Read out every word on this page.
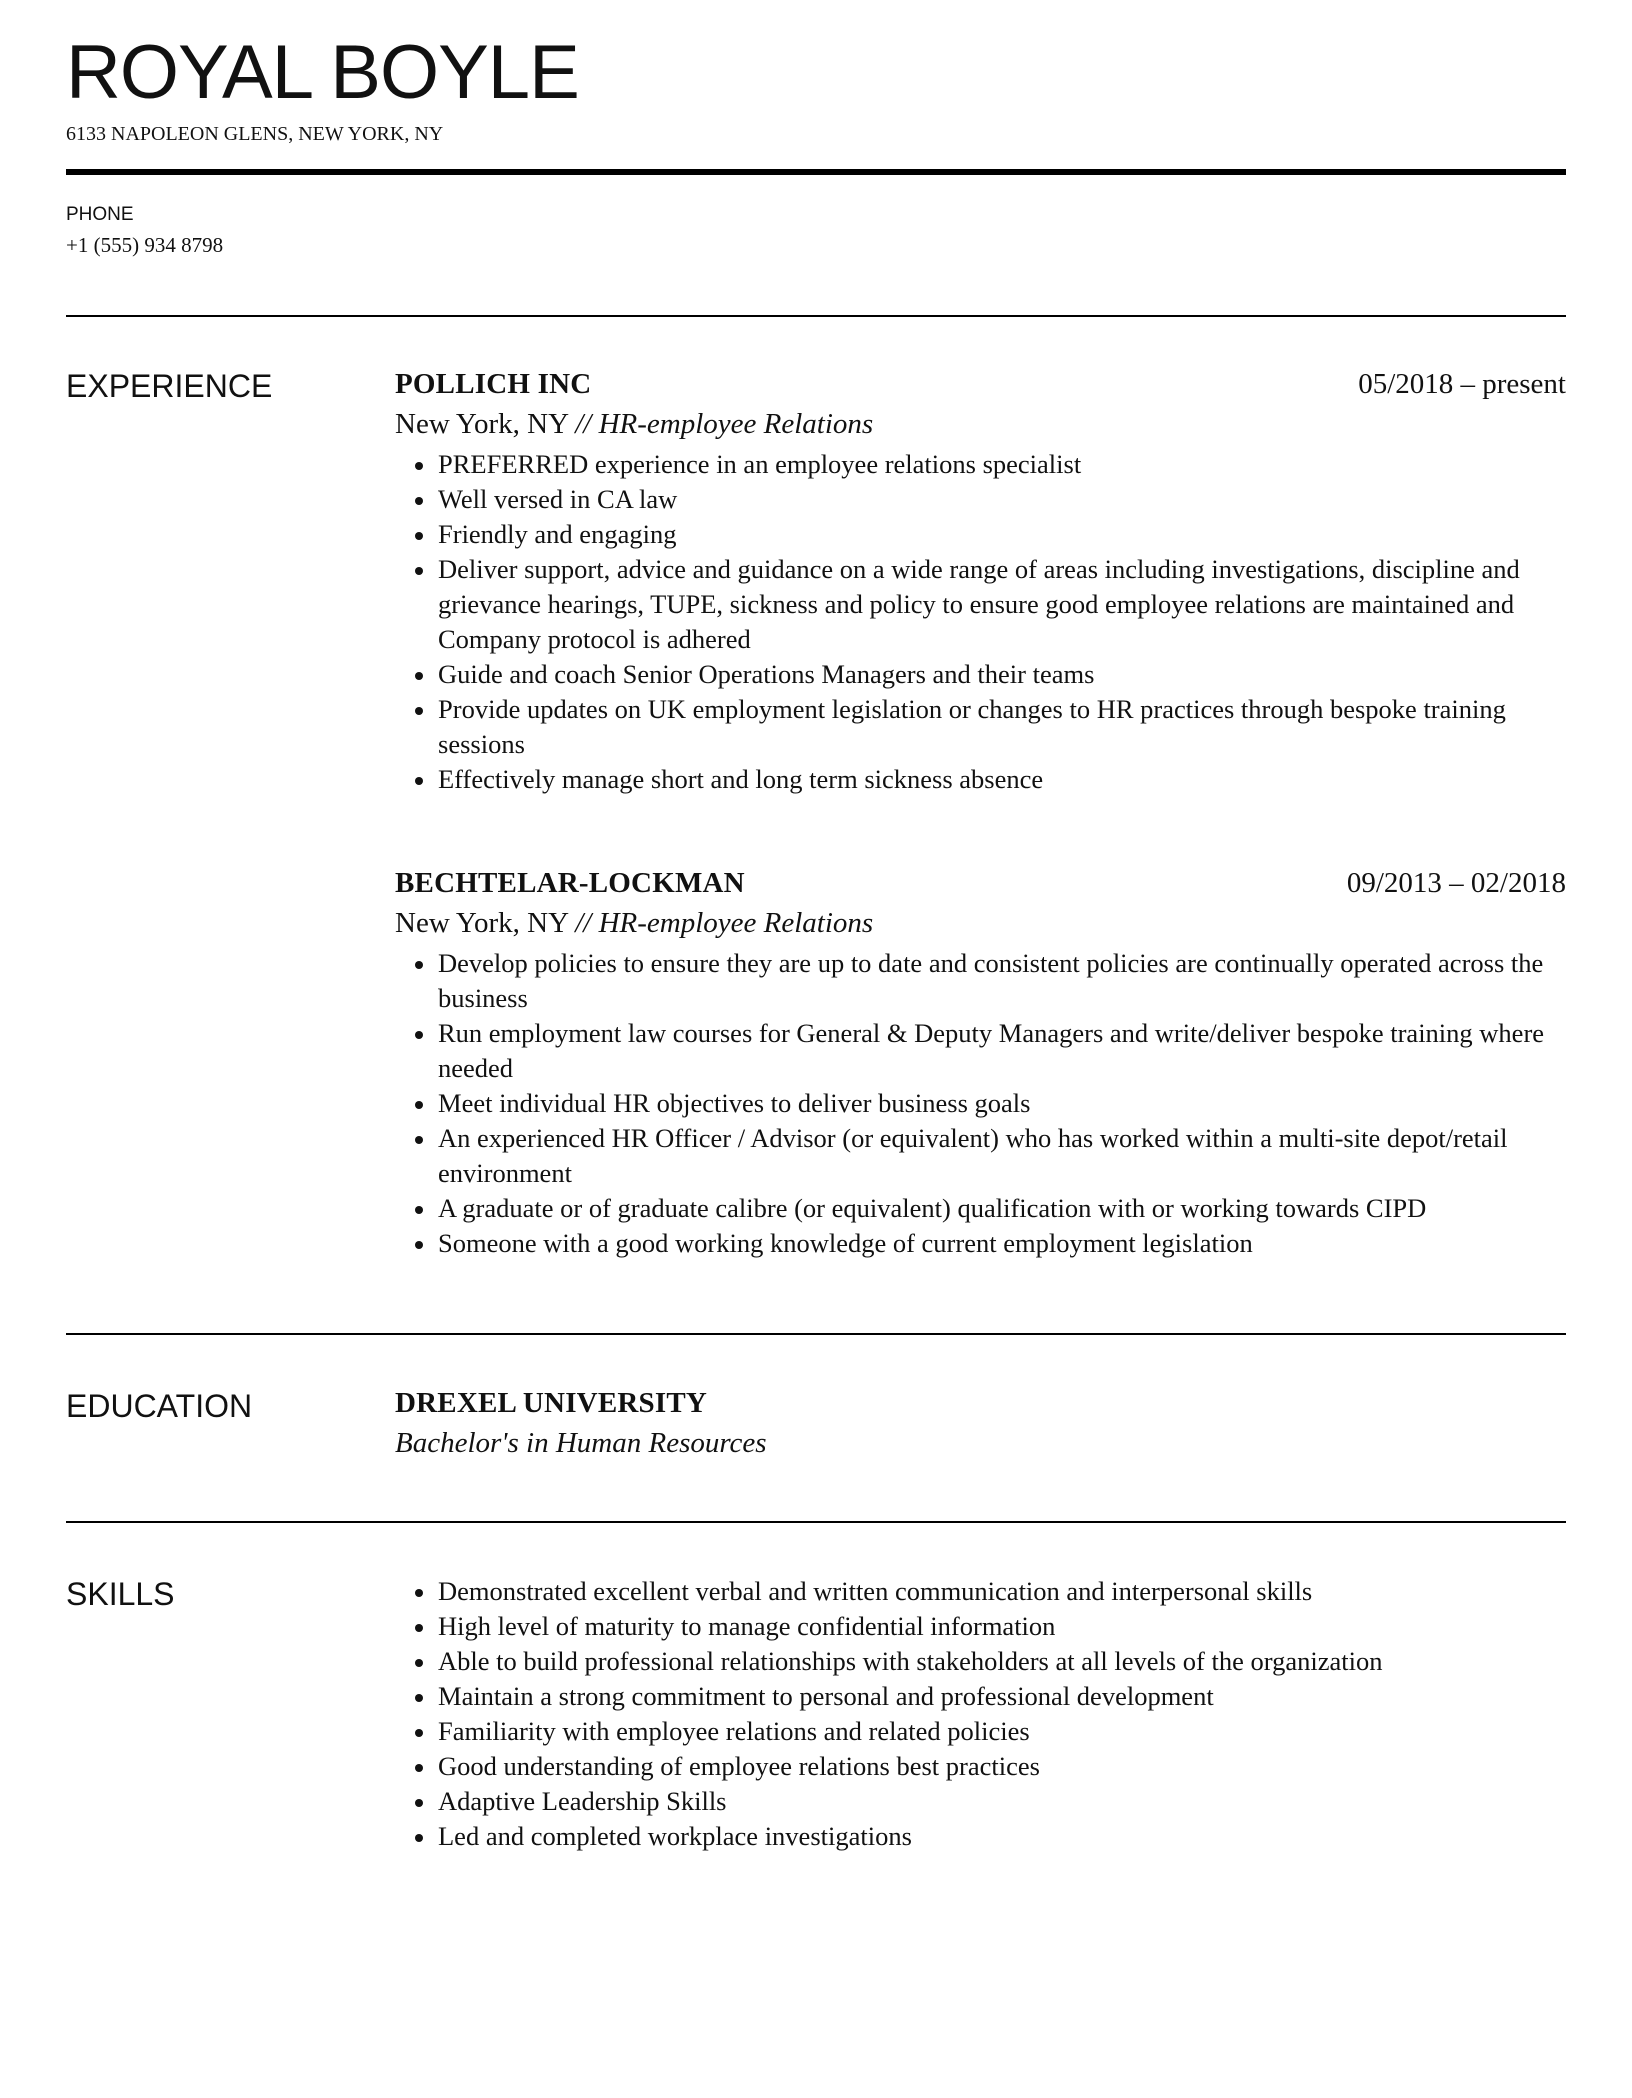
ROYAL BOYLE
6133 NAPOLEON GLENS, NEW YORK, NY
PHONE
+1 (555) 934 8798
EXPERIENCE	POLLICH INC	05/2018 – present
New York, NY // HR-employee Relations
PREFERRED experience in an employee relations specialist
Well versed in CA law
Friendly and engaging
Deliver support, advice and guidance on a wide range of areas including investigations, discipline and grievance hearings, TUPE, sickness and policy to ensure good employee relations are maintained and Company protocol is adhered
Guide and coach Senior Operations Managers and their teams
Provide updates on UK employment legislation or changes to HR practices through bespoke training sessions
Effectively manage short and long term sickness absence
BECHTELAR-LOCKMAN	09/2013 – 02/2018
New York, NY // HR-employee Relations
Develop policies to ensure they are up to date and consistent policies are continually operated across the business
Run employment law courses for General & Deputy Managers and write/deliver bespoke training where needed
Meet individual HR objectives to deliver business goals
An experienced HR Officer / Advisor (or equivalent) who has worked within a multi-site depot/retail environment
A graduate or of graduate calibre (or equivalent) qualification with or working towards CIPD
Someone with a good working knowledge of current employment legislation
EDUCATION	DREXEL UNIVERSITY
Bachelor's in Human Resources
SKILLS	Demonstrated excellent verbal and written communication and interpersonal skills
High level of maturity to manage confidential information
Able to build professional relationships with stakeholders at all levels of the organization
Maintain a strong commitment to personal and professional development
Familiarity with employee relations and related policies
Good understanding of employee relations best practices
Adaptive Leadership Skills
Led and completed workplace investigations
